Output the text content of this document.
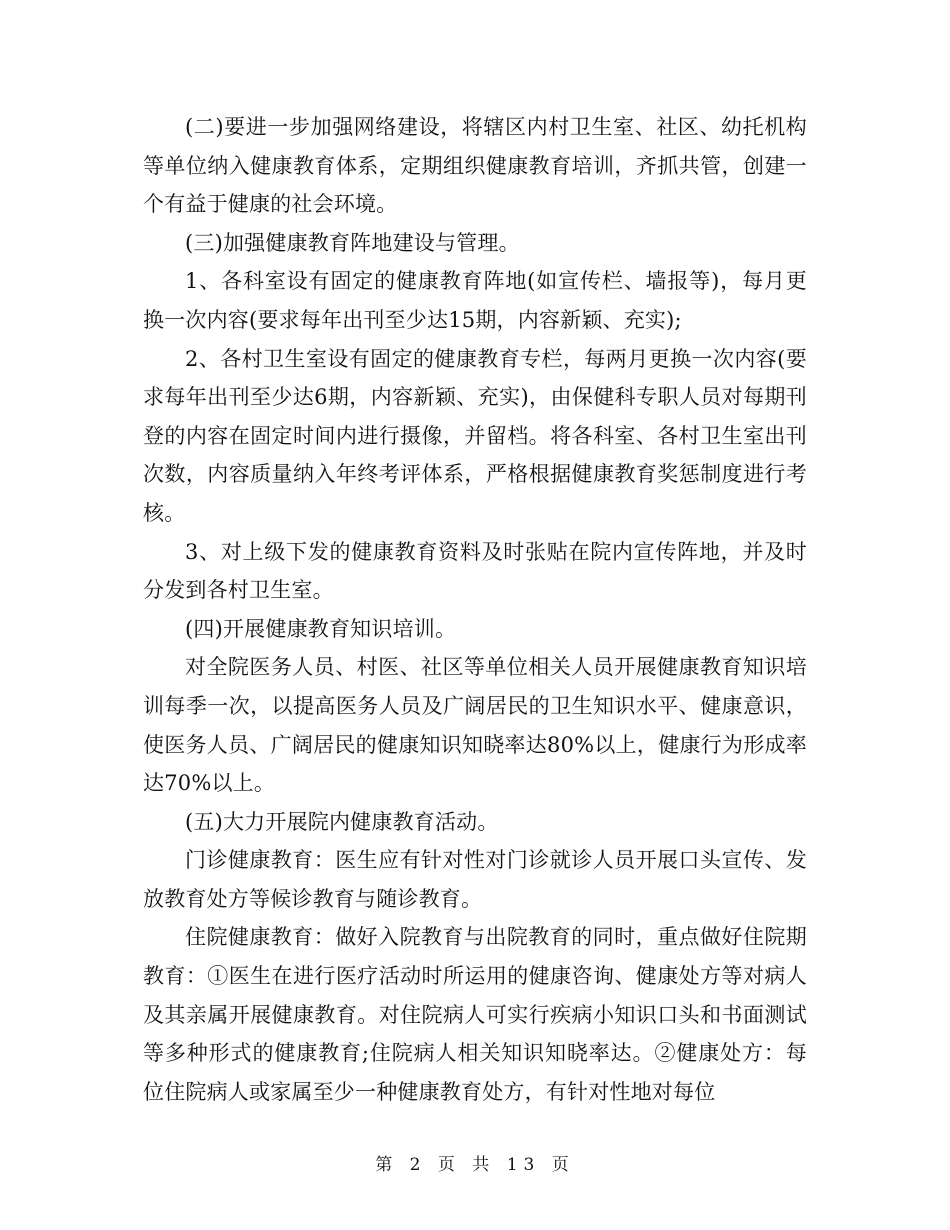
(二)要进一步加强网络建设，将辖区内村卫生室、社区、幼托机构等单位纳入健康教育体系，定期组织健康教育培训，齐抓共管，创建一个有益于健康的社会环境。

(三)加强健康教育阵地建设与管理。

1、各科室设有固定的健康教育阵地(如宣传栏、墙报等)，每月更换一次内容(要求每年出刊至少达15期，内容新颖、充实);

2、各村卫生室设有固定的健康教育专栏，每两月更换一次内容(要求每年出刊至少达6期，内容新颖、充实)，由保健科专职人员对每期刊登的内容在固定时间内进行摄像，并留档。将各科室、各村卫生室出刊次数，内容质量纳入年终考评体系，严格根据健康教育奖惩制度进行考核。

3、对上级下发的健康教育资料及时张贴在院内宣传阵地，并及时分发到各村卫生室。

(四)开展健康教育知识培训。

对全院医务人员、村医、社区等单位相关人员开展健康教育知识培训每季一次，以提高医务人员及广阔居民的卫生知识水平、健康意识，使医务人员、广阔居民的健康知识知晓率达80%以上，健康行为形成率达70%以上。

(五)大力开展院内健康教育活动。

门诊健康教育：医生应有针对性对门诊就诊人员开展口头宣传、发放教育处方等候诊教育与随诊教育。

住院健康教育：做好入院教育与出院教育的同时，重点做好住院期教育：①医生在进行医疗活动时所运用的健康咨询、健康处方等对病人及其亲属开展健康教育。对住院病人可实行疾病小知识口头和书面测试等多种形式的健康教育;住院病人相关知识知晓率达。②健康处方：每位住院病人或家属至少一种健康教育处方，有针对性地对每位

第 2 页 共 13 页
